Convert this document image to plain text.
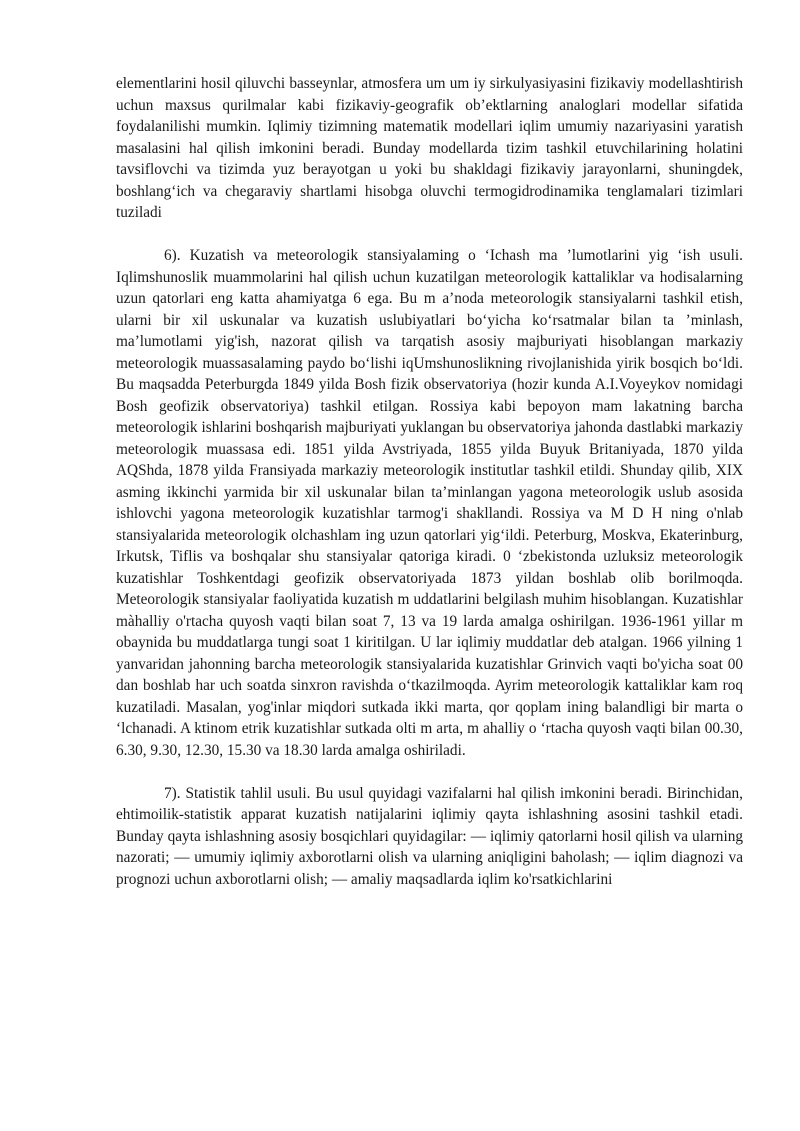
elementlarini hosil qiluvchi basseynlar, atmosfera um um iy sirkulyasiyasini fizikaviy modellashtirish uchun maxsus qurilmalar kabi fizikaviy-geografik ob’ektlarning analoglari modellar sifatida foydalanilishi mumkin. Iqlimiy tizimning matematik modellari iqlim umumiy nazariyasini yaratish masalasini hal qilish imkonini beradi. Bunday modellarda tizim tashkil etuvchilarining holatini tavsiflovchi va tizimda yuz berayotgan u yoki bu shakldagi fizikaviy jarayonlarni, shuningdek, boshlang‘ich va chegaraviy shartlami hisobga oluvchi termogidrodinamika tenglamalari tizimlari tuziladi

6). Kuzatish va meteorologik stansiyalaming o ‘Ichash ma ’lumotlarini yig ‘ish usuli. Iqlimshunoslik muammolarini hal qilish uchun kuzatilgan meteorologik kattaliklar va hodisalarning uzun qatorlari eng katta ahamiyatga 6 ega. Bu m a’noda meteorologik stansiyalarni tashkil etish, ularni bir xil uskunalar va kuzatish uslubiyatlari bo‘yicha ko‘rsatmalar bilan ta ’minlash, ma’lumotlami yig'ish, nazorat qilish va tarqatish asosiy majburiyati hisoblangan markaziy meteorologik muassasalaming paydo bo‘lishi iqUmshunoslikning rivojlanishida yirik bosqich bo‘ldi. Bu maqsadda Peterburgda 1849 yilda Bosh fizik observatoriya (hozir kunda A.I.Voyeykov nomidagi Bosh geofizik observatoriya) tashkil etilgan. Rossiya kabi bepoyon mam lakatning barcha meteorologik ishlarini boshqarish majburiyati yuklangan bu observatoriya jahonda dastlabki markaziy meteorologik muassasa edi. 1851 yilda Avstriyada, 1855 yilda Buyuk Britaniyada, 1870 yilda AQShda, 1878 yilda Fransiyada markaziy meteorologik institutlar tashkil etildi. Shunday qilib, XIX asming ikkinchi yarmida bir xil uskunalar bilan ta’minlangan yagona meteorologik uslub asosida ishlovchi yagona meteorologik kuzatishlar tarmog'i shakllandi. Rossiya va M D H ning o'nlab stansiyalarida meteorologik olchashlam ing uzun qatorlari yig‘ildi. Peterburg, Moskva, Ekaterinburg, Irkutsk, Tiflis va boshqalar shu stansiyalar qatoriga kiradi. 0 ‘zbekistonda uzluksiz meteorologik kuzatishlar Toshkentdagi geofizik observatoriyada 1873 yildan boshlab olib borilmoqda. Meteorologik stansiyalar faoliyatida kuzatish m uddatlarini belgilash muhim hisoblangan. Kuzatishlar màhalliy o'rtacha quyosh vaqti bilan soat 7, 13 va 19 larda amalga oshirilgan. 1936-1961 yillar m obaynida bu muddatlarga tungi soat 1 kiritilgan. U lar iqlimiy muddatlar deb atalgan. 1966 yilning 1 yanvaridan jahonning barcha meteorologik stansiyalarida kuzatishlar Grinvich vaqti bo'yicha soat 00 dan boshlab har uch soatda sinxron ravishda o‘tkazilmoqda. Ayrim meteorologik kattaliklar kam roq kuzatiladi. Masalan, yog'inlar miqdori sutkada ikki marta, qor qoplam ining balandligi bir marta o ‘lchanadi. A ktinom etrik kuzatishlar sutkada olti m arta, m ahalliy o ‘rtacha quyosh vaqti bilan 00.30, 6.30, 9.30, 12.30, 15.30 va 18.30 larda amalga oshiriladi.

7). Statistik tahlil usuli. Bu usul quyidagi vazifalarni hal qilish imkonini beradi. Birinchidan, ehtimoilik-statistik apparat kuzatish natijalarini iqlimiy qayta ishlashning asosini tashkil etadi. Bunday qayta ishlashning asosiy bosqichlari quyidagilar: — iqlimiy qatorlarni hosil qilish va ularning nazorati; — umumiy iqlimiy axborotlarni olish va ularning aniqligini baholash; — iqlim diagnozi va prognozi uchun axborotlarni olish; — amaliy maqsadlarda iqlim ko'rsatkichlarini
